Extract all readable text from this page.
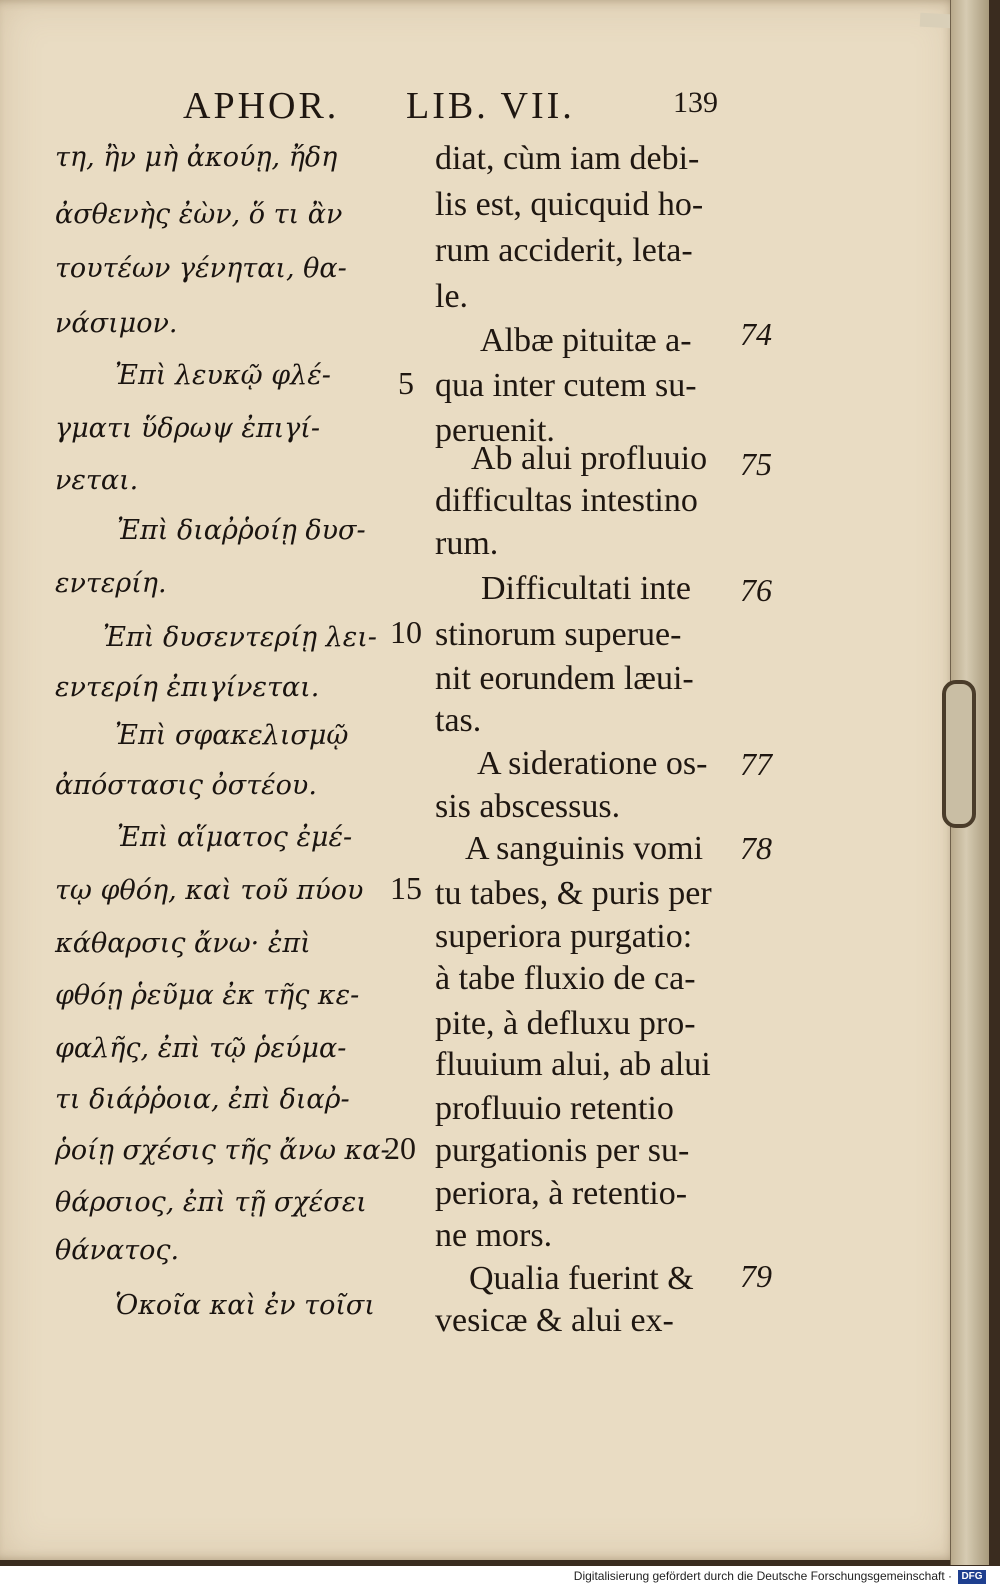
APHOR. LIB. VII.	139
τη, ἢν μὴ ἀκούῃ, ἤδη
ἀσθενὴς ἐὼν, ὅ τι ἂν
τουτέων γένηται, θα-
νάσιμον.
Ἐπὶ λευκῷ φλέ-
γματι ὕδρωψ ἐπιγί-
νεται.
Ἐπὶ διαῤῥοίῃ δυσ-
εντερίη.
Ἐπὶ δυσεντερίῃ λει-
εντερίη ἐπιγίνεται.
Ἐπὶ σφακελισμῷ
ἀπόστασις ὀστέου.
Ἐπὶ αἵματος ἐμέ-
τῳ φθόη, καὶ τοῦ πύου
κάθαρσις ἄνω· ἐπὶ
φθόῃ ῥεῦμα ἐκ τῆς κε-
φαλῆς, ἐπὶ τῷ ῥεύμα-
τι διάῤῥοια, ἐπὶ διαῤ-
ῥοίῃ σχέσις τῆς ἄνω κα-
θάρσιος, ἐπὶ τῇ σχέσει
θάνατος.
Ὁκοῖα καὶ ἐν τοῖσι
5
10
15
20
diat, cùm iam debi-
lis est, quicquid ho-
rum acciderit, leta-
le.
Albæ pituitæ a-
qua inter cutem su-
peruenit.
Ab alui profluuio
difficultas intestino
rum.
Difficultati inte
stinorum superue-
nit eorundem læui-
tas.
A sideratione os-
sis abscessus.
A sanguinis vomi
tu tabes, & puris per
superiora purgatio:
à tabe fluxio de ca-
pite, à defluxu pro-
fluuium alui, ab alui
profluuio retentio
purgationis per su-
periora, à retentio-
ne mors.
Qualia fuerint &
vesicæ & alui ex-
74
75
76
77
78
79
Digitalisierung gefördert durch die Deutsche Forschungsgemeinschaft · DFG
